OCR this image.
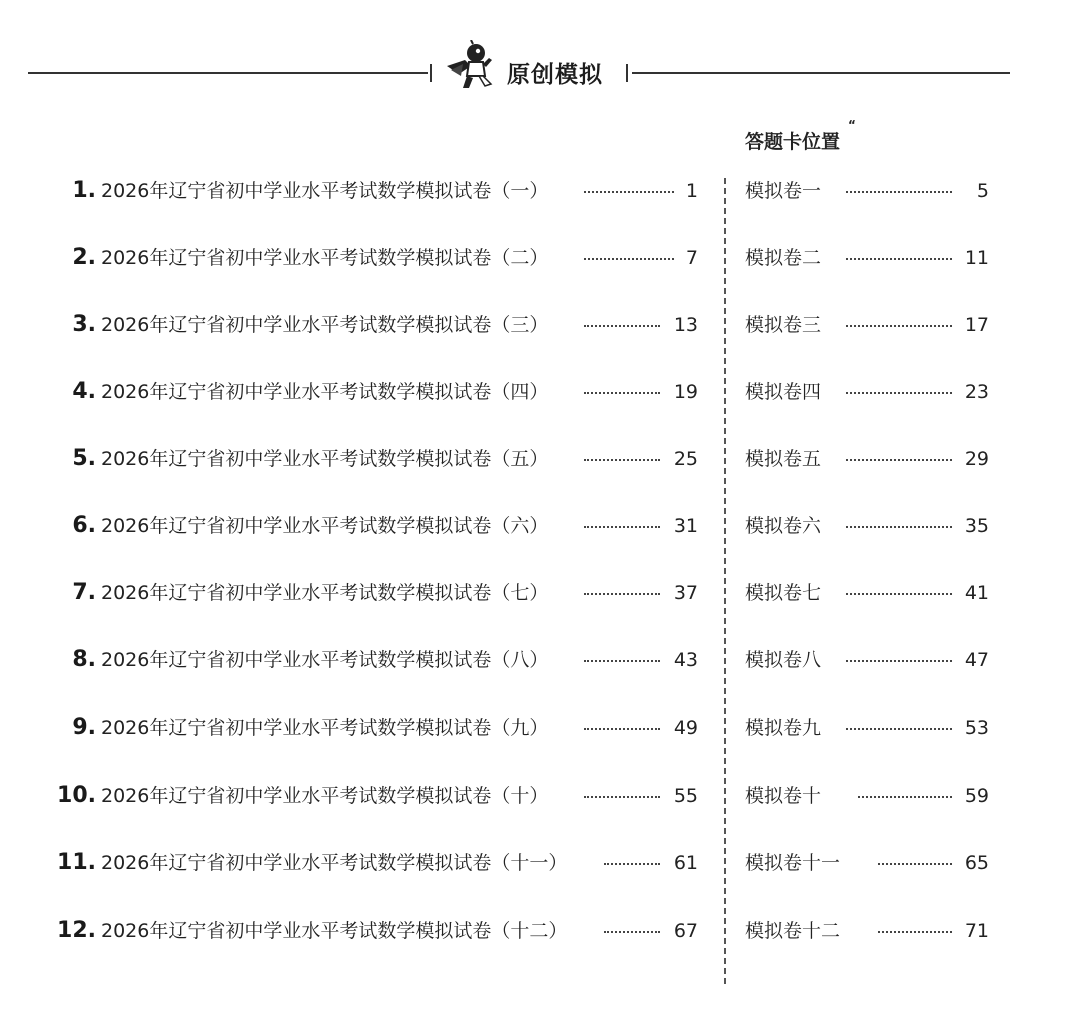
原创模拟
答题卡位置
“
1. 2026年辽宁省初中学业水平考试数学模拟试卷（一）	1 模拟卷一	5
2. 2026年辽宁省初中学业水平考试数学模拟试卷（二）	7 模拟卷二	11
3. 2026年辽宁省初中学业水平考试数学模拟试卷（三）	13 模拟卷三	17
4. 2026年辽宁省初中学业水平考试数学模拟试卷（四）	19 模拟卷四	23
5. 2026年辽宁省初中学业水平考试数学模拟试卷（五）	25 模拟卷五	29
6. 2026年辽宁省初中学业水平考试数学模拟试卷（六）	31 模拟卷六	35
7. 2026年辽宁省初中学业水平考试数学模拟试卷（七）	37 模拟卷七	41
8. 2026年辽宁省初中学业水平考试数学模拟试卷（八）	43 模拟卷八	47
9. 2026年辽宁省初中学业水平考试数学模拟试卷（九）	49 模拟卷九	53
10. 2026年辽宁省初中学业水平考试数学模拟试卷（十）	55 模拟卷十	59
11. 2026年辽宁省初中学业水平考试数学模拟试卷（十一）	61 模拟卷十一	65
12. 2026年辽宁省初中学业水平考试数学模拟试卷（十二）	67 模拟卷十二	71
